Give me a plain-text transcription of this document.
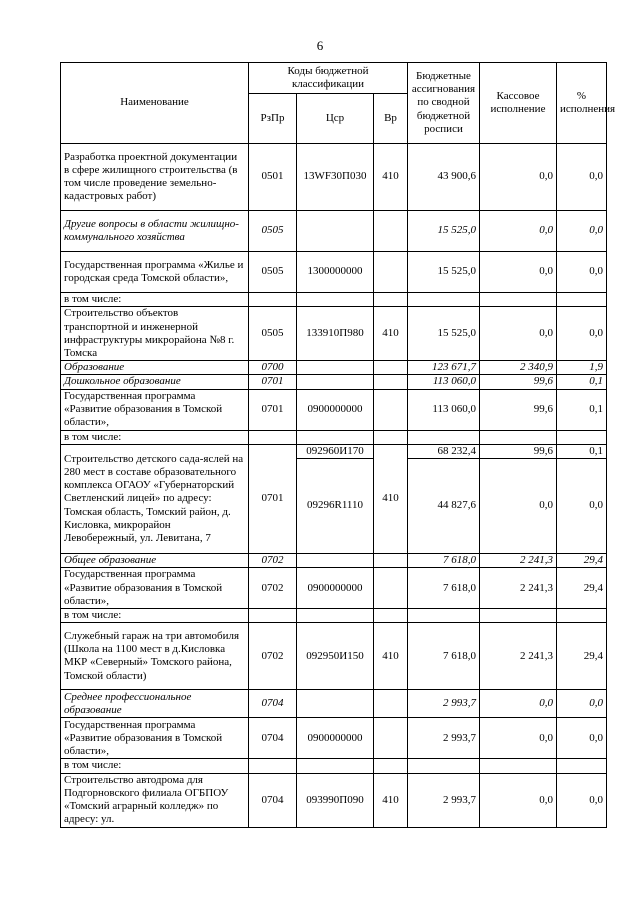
6
Наименование	Коды бюджетной классификации			Бюджетные ассигнования по сводной бюджетной росписи	Кассовое исполнение	% исполнения
	РзПр	Цср	Вр			
Разработка проектной документации в сфере жилищного строительства (в том числе проведение земельно-кадастровых работ)	0501	13WF30П030	410	43 900,6	0,0	0,0
Другие вопросы в области жилищно-коммунального хозяйства	0505			15 525,0	0,0	0,0
Государственная программа «Жилье и городская среда Томской области»,	0505	1300000000		15 525,0	0,0	0,0
в том числе:						
Строительство объектов транспортной и инженерной инфраструктуры микрорайона №8 г. Томска	0505	133910П980	410	15 525,0	0,0	0,0
Образование	0700			123 671,7	2 340,9	1,9
Дошкольное образование	0701			113 060,0	99,6	0,1
Государственная программа «Развитие образования в Томской области»,	0701	0900000000		113 060,0	99,6	0,1
в том числе:						
Строительство детского сада-яслей на 280 мест в составе образовательного комплекса ОГАОУ «Губернаторский Светленский лицей» по адресу: Томская область, Томский район, д. Кисловка, микрорайон Левобережный, ул. Левитана, 7	0701	092960И170	410	68 232,4	99,6	0,1
		09296R1110		44 827,6	0,0	0,0
Общее образование	0702			7 618,0	2 241,3	29,4
Государственная программа «Развитие образования в Томской области»,	0702	0900000000		7 618,0	2 241,3	29,4
в том числе:						
Служебный гараж на три автомобиля (Школа на 1100 мест в д.Кисловка МКР «Северный» Томского района, Томской области)	0702	092950И150	410	7 618,0	2 241,3	29,4
Среднее профессиональное образование	0704			2 993,7	0,0	0,0
Государственная программа «Развитие образования в Томской области»,	0704	0900000000		2 993,7	0,0	0,0
в том числе:						
Строительство автодрома для Подгорновского филиала ОГБПОУ «Томский аграрный колледж» по адресу: ул.	0704	093990П090	410	2 993,7	0,0	0,0
